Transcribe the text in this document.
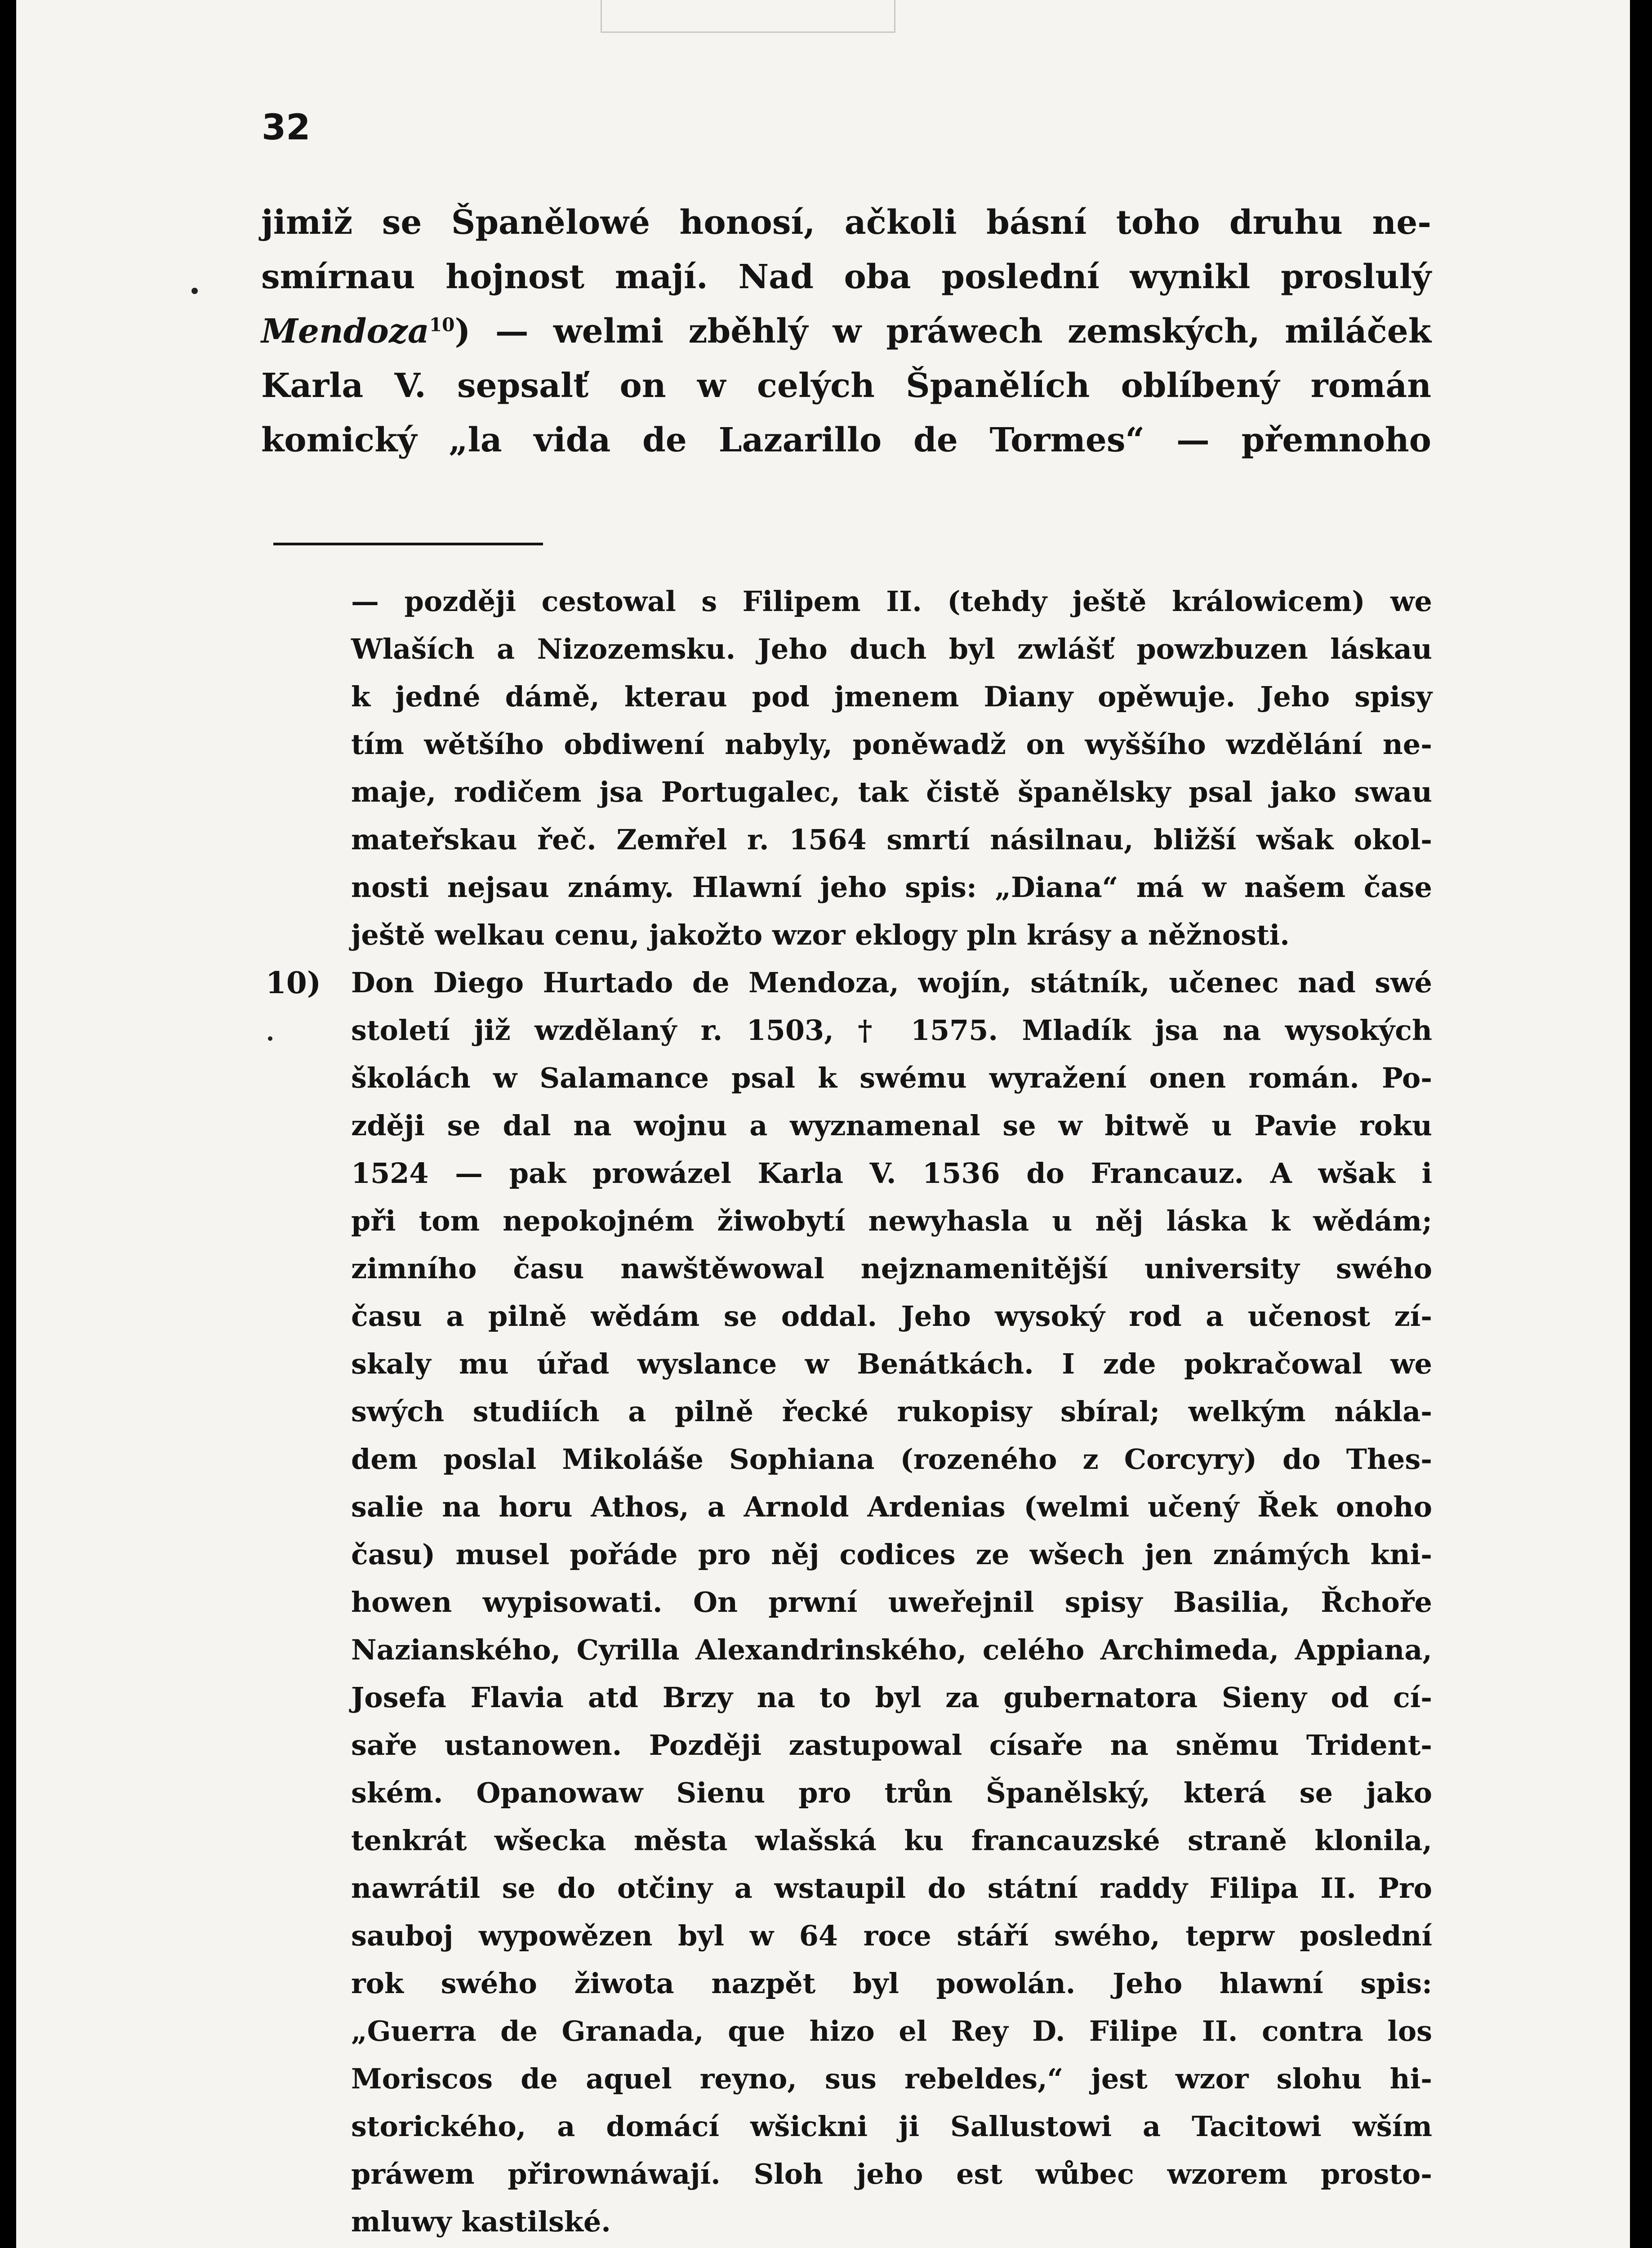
32
jimiž se Španělowé honosí, ačkoli básní toho druhu ne-
smírnau hojnost mají. Nad oba poslední wynikl proslulý
Mendoza$^{10}$) — welmi zběhlý w práwech zemských, miláček
Karla V. sepsalť on w celých Španělích oblíbený román
komický „la vida de Lazarillo de Tormes“ — přemnoho
— později cestowal s Filipem II. (tehdy ještě králowicem) we
Wlaších a Nizozemsku. Jeho duch byl zwlášť powzbuzen láskau
k jedné dámě, kterau pod jmenem Diany opěwuje. Jeho spisy
tím wětšího obdiwení nabyly, poněwadž on wyššího wzdělání ne-
maje, rodičem jsa Portugalec, tak čistě španělsky psal jako swau
mateřskau řeč. Zemřel r. 1564 smrtí násilnau, bližší wšak okol-
nosti nejsau známy. Hlawní jeho spis: „Diana“ má w našem čase
ještě welkau cenu, jakožto wzor eklogy pln krásy a něžnosti.
10) Don Diego Hurtado de Mendoza, wojín, státník, učenec nad swé
století již wzdělaný r. 1503, † 1575. Mladík jsa na wysokých
školách w Salamance psal k swému wyražení onen román. Po-
zději se dal na wojnu a wyznamenal se w bitwě u Pavie roku
1524 — pak prowázel Karla V. 1536 do Francauz. A wšak i
při tom nepokojném žiwobytí newyhasla u něj láska k wědám;
zimního času nawštěwowal nejznamenitější university swého
času a pilně wědám se oddal. Jeho wysoký rod a učenost zí-
skaly mu úřad wyslance w Benátkách. I zde pokračowal we
swých studiích a pilně řecké rukopisy sbíral; welkým nákla-
dem poslal Mikoláše Sophiana (rozeného z Corcyry) do Thes-
salie na horu Athos, a Arnold Ardenias (welmi učený Řek onoho
času) musel pořáde pro něj codices ze wšech jen známých kni-
howen wypisowati. On prwní uweřejnil spisy Basilia, Řchoře
Nazianského, Cyrilla Alexandrinského, celého Archimeda, Appiana,
Josefa Flavia atd Brzy na to byl za gubernatora Sieny od cí-
saře ustanowen. Později zastupowal císaře na sněmu Trident-
ském. Opanowaw Sienu pro trůn Španělský, která se jako
tenkrát wšecka města wlašská ku francauzské straně klonila,
nawrátil se do otčiny a wstaupil do státní raddy Filipa II. Pro
sauboj wypowězen byl w 64 roce stáří swého, teprw poslední
rok swého žiwota nazpět byl powolán. Jeho hlawní spis:
„Guerra de Granada, que hizo el Rey D. Filipe II. contra los
Moriscos de aquel reyno, sus rebeldes,“ jest wzor slohu hi-
storického, a domácí wšickni ji Sallustowi a Tacitowi wším
práwem přirownáwají. Sloh jeho est wůbec wzorem prosto-
mluwy kastilské.
